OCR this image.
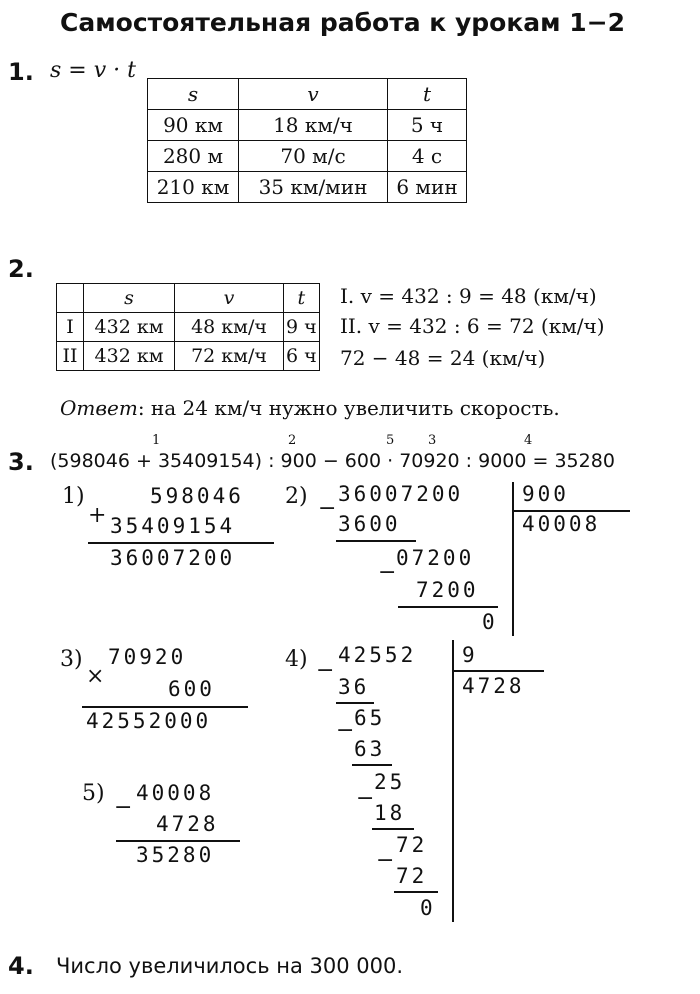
Самостоятельная работа к урокам 1−2
1. s = v · t
s	v	t
90 км	18 км/ч	5 ч
280 м	70 м/с	4 с
210 км	35 км/мин	6 мин
2.
	s	v	t
I	432 км	48 км/ч	9 ч
II	432 км	72 км/ч	6 ч
I. v = 432 : 9 = 48 (км/ч)
II. v = 432 : 6 = 72 (км/ч)
72 − 48 = 24 (км/ч)
Ответ: на 24 км/ч нужно увеличить скорость.
3. (598046 + 35409154) : 900 − 600 · 70920 : 9000 = 35280
1	2	5	3	4
1)
+
598046
35409154
36007200
2) −
36007200	900
40008
3600
−
07200
7200
0
3)
×
70920
600
42552000
4) −
42552 9
4728
36
− 65
63
−
25
18
−
72
72
0
5)
−
40008
4728
35280
4. Число увеличилось на 300 000.
